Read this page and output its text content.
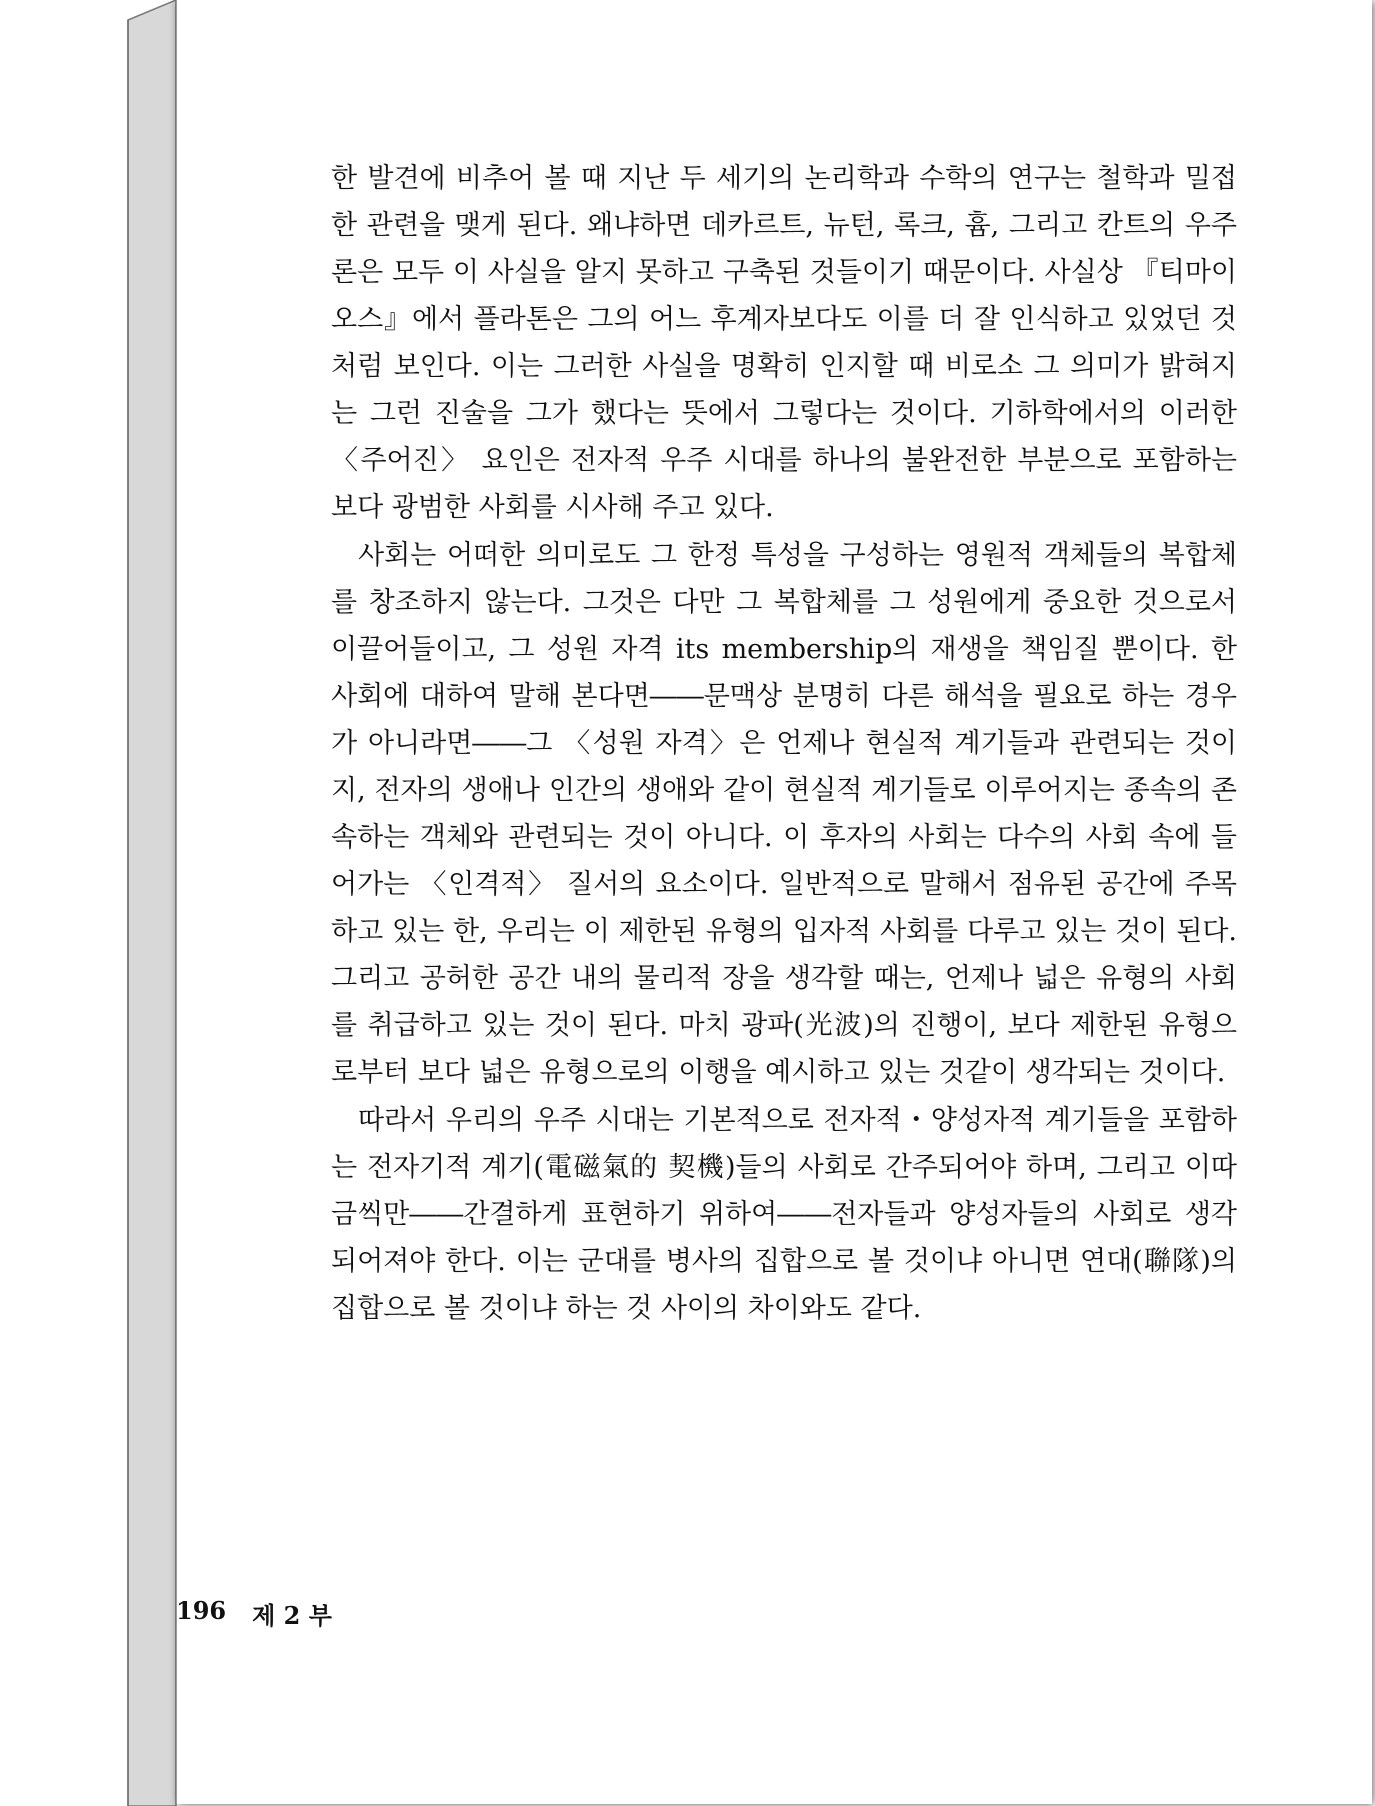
한 발견에 비추어 볼 때 지난 두 세기의 논리학과 수학의 연구는 철학과 밀접한 관련을 맺게 된다. 왜냐하면 데카르트, 뉴턴, 록크, 흄, 그리고 칸트의 우주론은 모두 이 사실을 알지 못하고 구축된 것들이기 때문이다. 사실상 『티마이오스』에서 플라톤은 그의 어느 후계자보다도 이를 더 잘 인식하고 있었던 것처럼 보인다. 이는 그러한 사실을 명확히 인지할 때 비로소 그 의미가 밝혀지는 그런 진술을 그가 했다는 뜻에서 그렇다는 것이다. 기하학에서의 이러한 〈주어진〉 요인은 전자적 우주 시대를 하나의 불완전한 부분으로 포함하는 보다 광범한 사회를 시사해 주고 있다.

사회는 어떠한 의미로도 그 한정 특성을 구성하는 영원적 객체들의 복합체를 창조하지 않는다. 그것은 다만 그 복합체를 그 성원에게 중요한 것으로서 이끌어들이고, 그 성원 자격 its membership의 재생을 책임질 뿐이다. 한 사회에 대하여 말해 본다면――문맥상 분명히 다른 해석을 필요로 하는 경우가 아니라면――그 〈성원 자격〉은 언제나 현실적 계기들과 관련되는 것이지, 전자의 생애나 인간의 생애와 같이 현실적 계기들로 이루어지는 종속의 존속하는 객체와 관련되는 것이 아니다. 이 후자의 사회는 다수의 사회 속에 들어가는 〈인격적〉 질서의 요소이다. 일반적으로 말해서 점유된 공간에 주목하고 있는 한, 우리는 이 제한된 유형의 입자적 사회를 다루고 있는 것이 된다. 그리고 공허한 공간 내의 물리적 장을 생각할 때는, 언제나 넓은 유형의 사회를 취급하고 있는 것이 된다. 마치 광파(光波)의 진행이, 보다 제한된 유형으로부터 보다 넓은 유형으로의 이행을 예시하고 있는 것같이 생각되는 것이다.

따라서 우리의 우주 시대는 기본적으로 전자적・양성자적 계기들을 포함하는 전자기적 계기(電磁氣的 契機)들의 사회로 간주되어야 하며, 그리고 이따금씩만――간결하게 표현하기 위하여――전자들과 양성자들의 사회로 생각되어져야 한다. 이는 군대를 병사의 집합으로 볼 것이냐 아니면 연대(聯隊)의 집합으로 볼 것이냐 하는 것 사이의 차이와도 같다.

196 제 2 부
